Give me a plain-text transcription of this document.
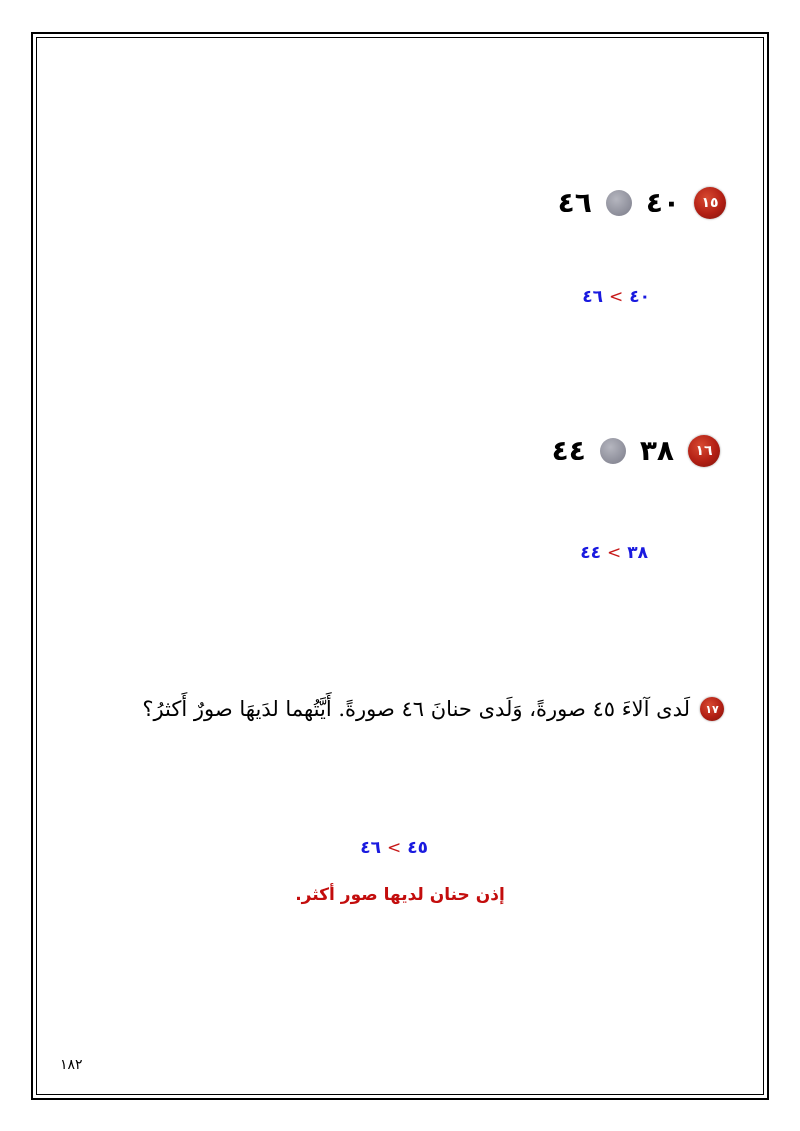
١٥
٤٠
٤٦
٤٠>٤٦
١٦
٣٨
٤٤
٣٨>٤٤
١٧
لَدى آلاءَ ٤٥ صورةً، وَلَدى حنانَ ٤٦ صورةً. أَيَّتُهما لدَيهَا صورٌ أَكثرُ؟
٤٥>٤٦
إذن حنان لديها صور أكثر.
١٨٢
